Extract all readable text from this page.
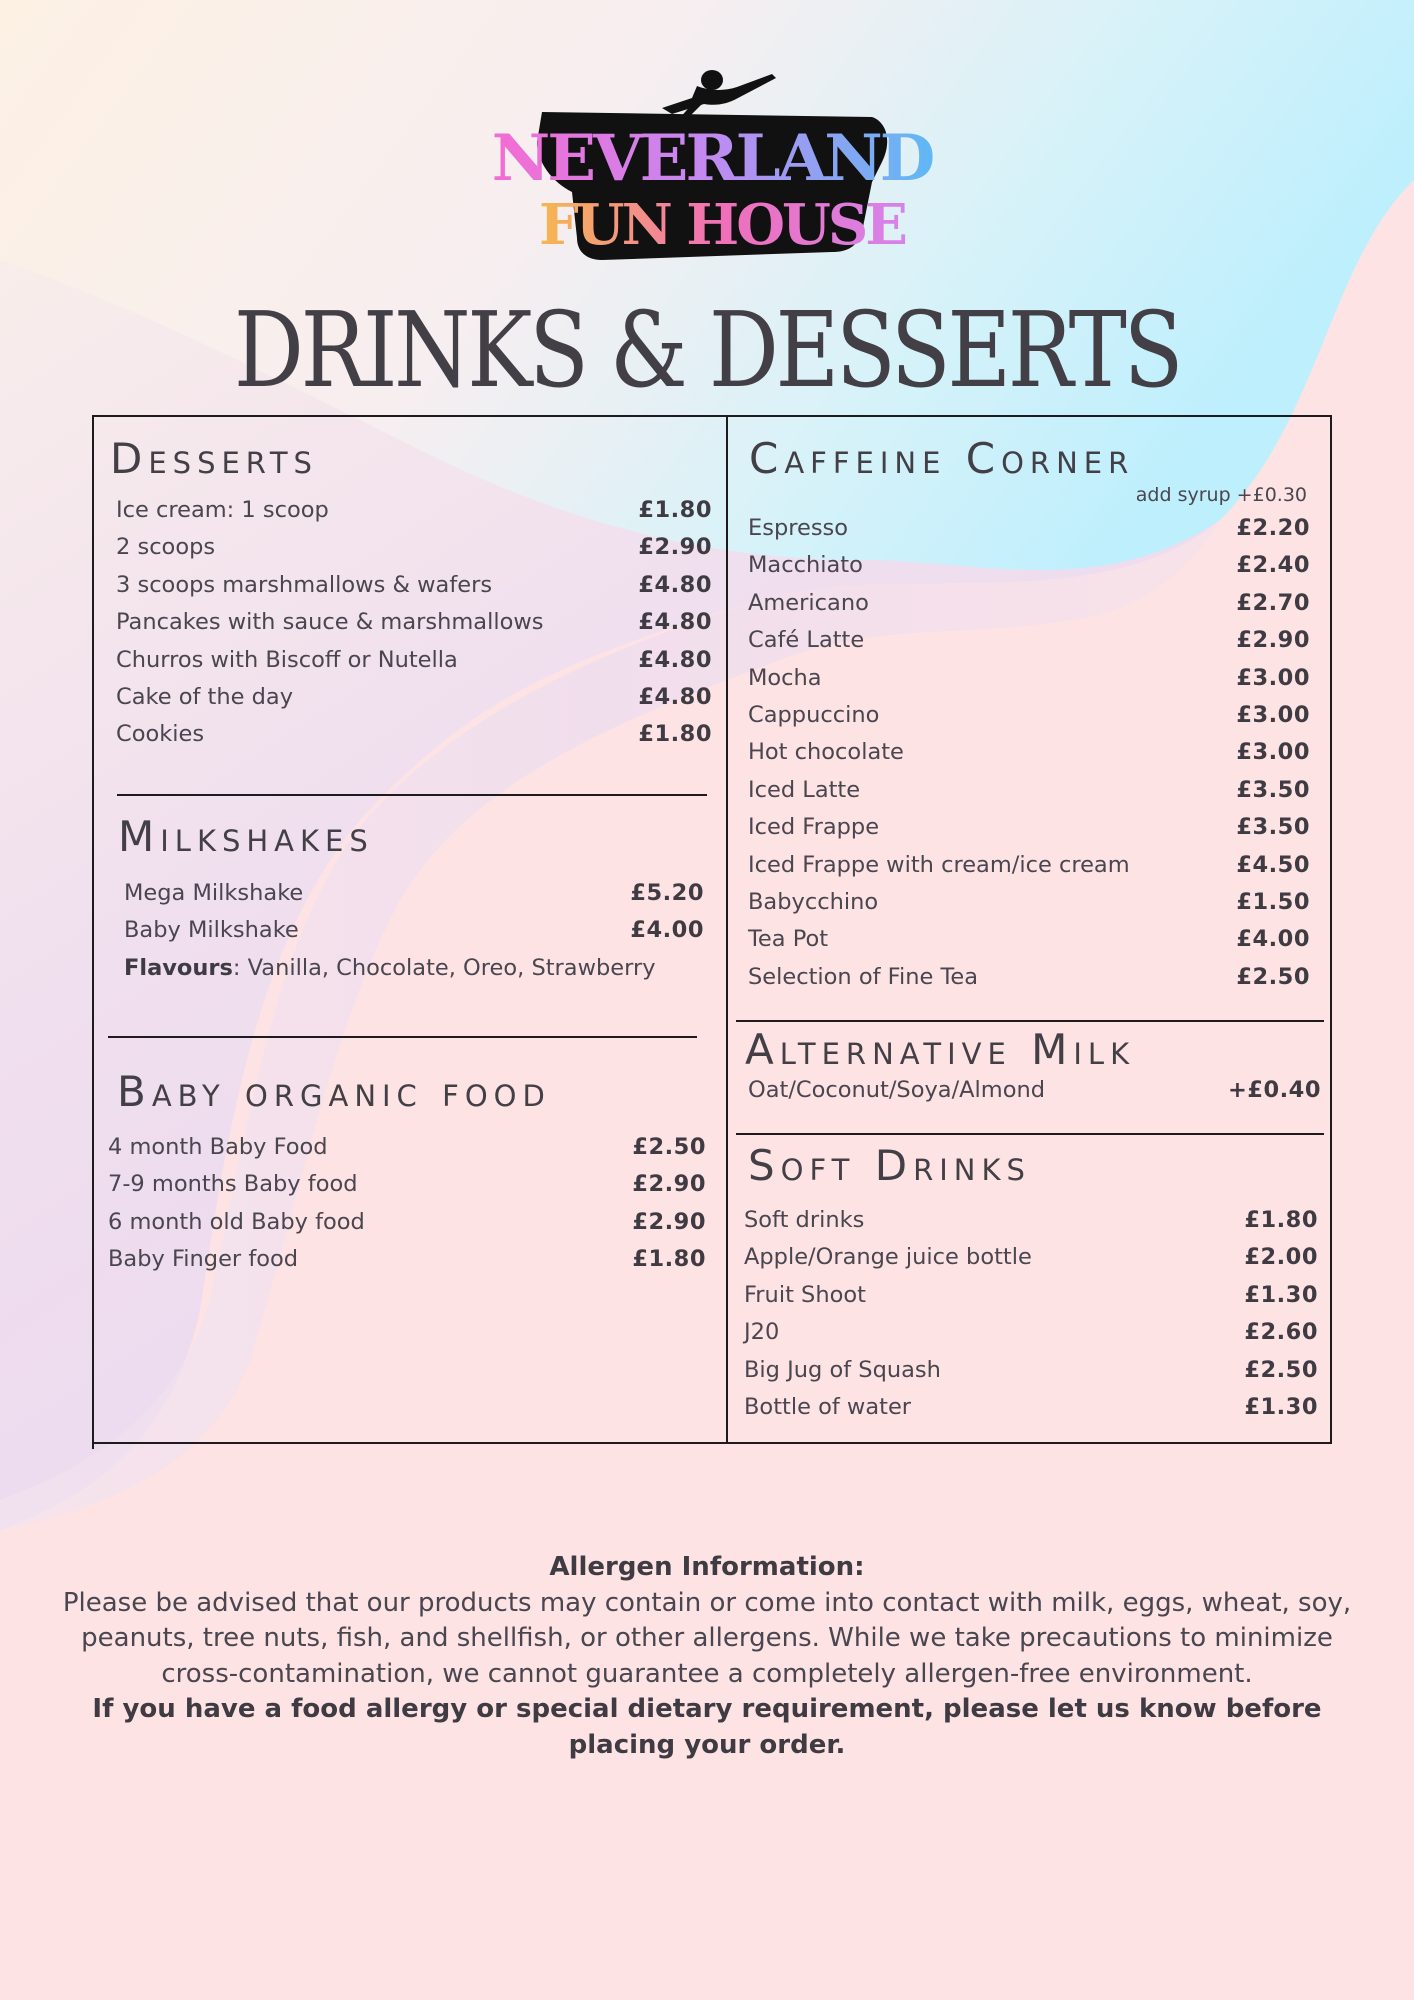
NEVERLAND
FUN HOUSE
DRINKS & DESSERTS
Desserts
Ice cream: 1 scoop	£1.80
2 scoops	£2.90
3 scoops marshmallows & wafers	£4.80
Pancakes with sauce & marshmallows	£4.80
Churros with Biscoff or Nutella	£4.80
Cake of the day	£4.80
Cookies	£1.80
Milkshakes
Mega Milkshake	£5.20
Baby Milkshake	£4.00
Flavours: Vanilla, Chocolate, Oreo, Strawberry
Baby organic food
4 month Baby Food	£2.50
7-9 months Baby food	£2.90
6 month old Baby food	£2.90
Baby Finger food	£1.80
Caffeine Corner
add syrup +£0.30
Espresso	£2.20
Macchiato	£2.40
Americano	£2.70
Café Latte	£2.90
Mocha	£3.00
Cappuccino	£3.00
Hot chocolate	£3.00
Iced Latte	£3.50
Iced Frappe	£3.50
Iced Frappe with cream/ice cream	£4.50
Babycchino	£1.50
Tea Pot	£4.00
Selection of Fine Tea	£2.50
Alternative Milk
Oat/Coconut/Soya/Almond	+£0.40
Soft Drinks
Soft drinks	£1.80
Apple/Orange juice bottle	£2.00
Fruit Shoot	£1.30
J20	£2.60
Big Jug of Squash	£2.50
Bottle of water	£1.30
Allergen Information:
Please be advised that our products may contain or come into contact with milk, eggs, wheat, soy, peanuts, tree nuts, fish, and shellfish, or other allergens. While we take precautions to minimize cross-contamination, we cannot guarantee a completely allergen-free environment.
If you have a food allergy or special dietary requirement, please let us know before placing your order.
